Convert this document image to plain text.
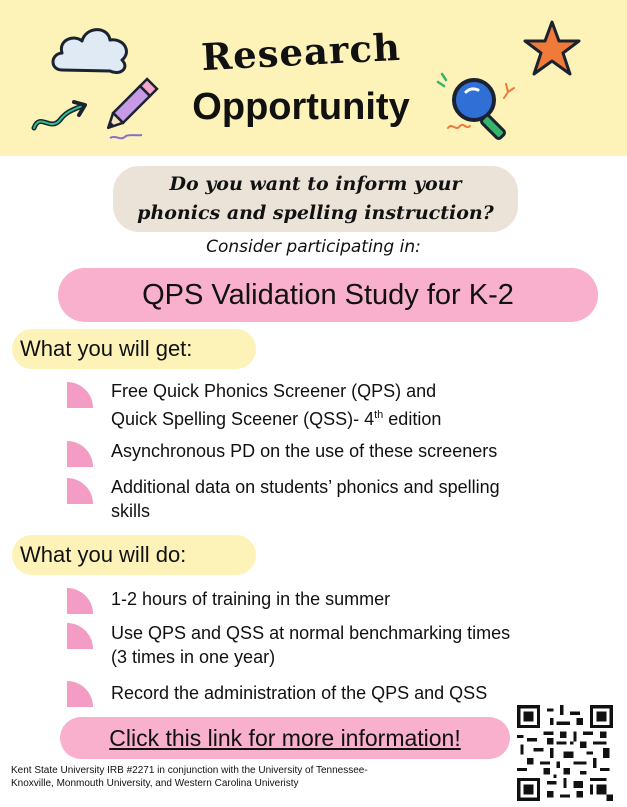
Research
Opportunity
Do you want to inform your
phonics and spelling instruction?
Consider participating in:
QPS Validation Study for K-2
What you will get:
Free Quick Phonics Screener (QPS) and
Quick Spelling Sceener (QSS)- 4th edition
Asynchronous PD on the use of these screeners
Additional data on students’ phonics and spelling
skills
What you will do:
1-2 hours of training in the summer
Use QPS and QSS at normal benchmarking times
(3 times in one year)
Record the administration of the QPS and QSS
Click this link for more information!
Kent State University IRB #2271 in conjunction with the University of Tennessee-
Knoxville, Monmouth University, and Western Carolina Univeristy
